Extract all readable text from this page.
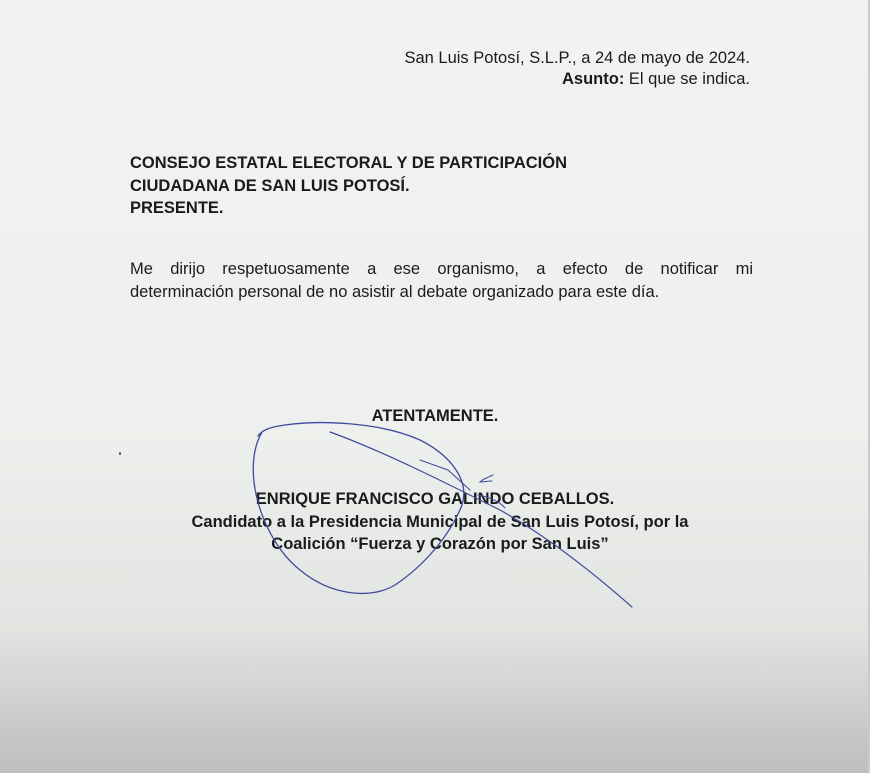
San Luis Potosí, S.L.P., a 24 de mayo de 2024.
Asunto: El que se indica.
CONSEJO ESTATAL ELECTORAL Y DE PARTICIPACIÓN
CIUDADANA DE SAN LUIS POTOSÍ.
PRESENTE.
Me dirijo respetuosamente a ese organismo, a efecto de notificar mi
determinación personal de no asistir al debate organizado para este día.
ATENTAMENTE.
ENRIQUE FRANCISCO GALINDO CEBALLOS.
Candidato a la Presidencia Municipal de San Luis Potosí, por la
Coalición “Fuerza y Corazón por San Luis”
